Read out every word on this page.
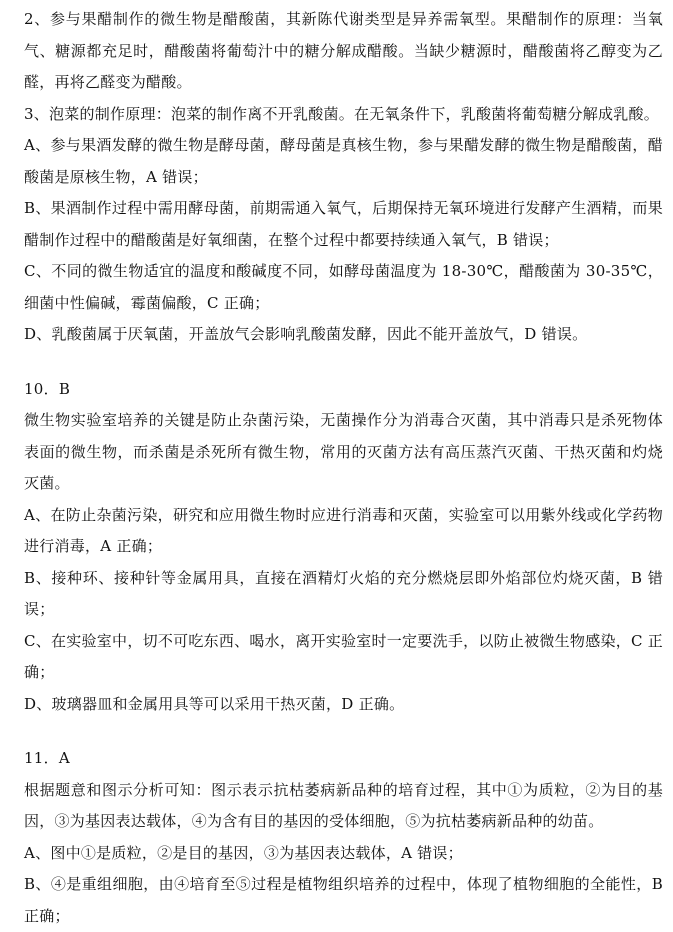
2、参与果醋制作的微生物是醋酸菌，其新陈代谢类型是异养需氧型。果醋制作的原理：当氧气、糖源都充足时，醋酸菌将葡萄汁中的糖分解成醋酸。当缺少糖源时，醋酸菌将乙醇变为乙醛，再将乙醛变为醋酸。

3、泡菜的制作原理：泡菜的制作离不开乳酸菌。在无氧条件下，乳酸菌将葡萄糖分解成乳酸。

A、参与果酒发酵的微生物是酵母菌，酵母菌是真核生物，参与果醋发酵的微生物是醋酸菌，醋酸菌是原核生物，A 错误；

B、果酒制作过程中需用酵母菌，前期需通入氧气，后期保持无氧环境进行发酵产生酒精，而果醋制作过程中的醋酸菌是好氧细菌，在整个过程中都要持续通入氧气，B 错误；

C、不同的微生物适宜的温度和酸碱度不同，如酵母菌温度为 18-30℃，醋酸菌为 30-35℃，细菌中性偏碱，霉菌偏酸，C 正确；

D、乳酸菌属于厌氧菌，开盖放气会影响乳酸菌发酵，因此不能开盖放气，D 错误。

10．B

微生物实验室培养的关键是防止杂菌污染，无菌操作分为消毒合灭菌，其中消毒只是杀死物体表面的微生物，而杀菌是杀死所有微生物，常用的灭菌方法有高压蒸汽灭菌、干热灭菌和灼烧灭菌。

A、在防止杂菌污染，研究和应用微生物时应进行消毒和灭菌，实验室可以用紫外线或化学药物进行消毒，A 正确；

B、接种环、接种针等金属用具，直接在酒精灯火焰的充分燃烧层即外焰部位灼烧灭菌，B 错误；

C、在实验室中，切不可吃东西、喝水，离开实验室时一定要洗手，以防止被微生物感染，C 正确；

D、玻璃器皿和金属用具等可以采用干热灭菌，D 正确。

11．A

根据题意和图示分析可知：图示表示抗枯萎病新品种的培育过程，其中①为质粒，②为目的基因，③为基因表达载体，④为含有目的基因的受体细胞，⑤为抗枯萎病新品种的幼苗。

A、图中①是质粒，②是目的基因，③为基因表达载体，A 错误；

B、④是重组细胞，由④培育至⑤过程是植物组织培养的过程中，体现了植物细胞的全能性，B 正确；
